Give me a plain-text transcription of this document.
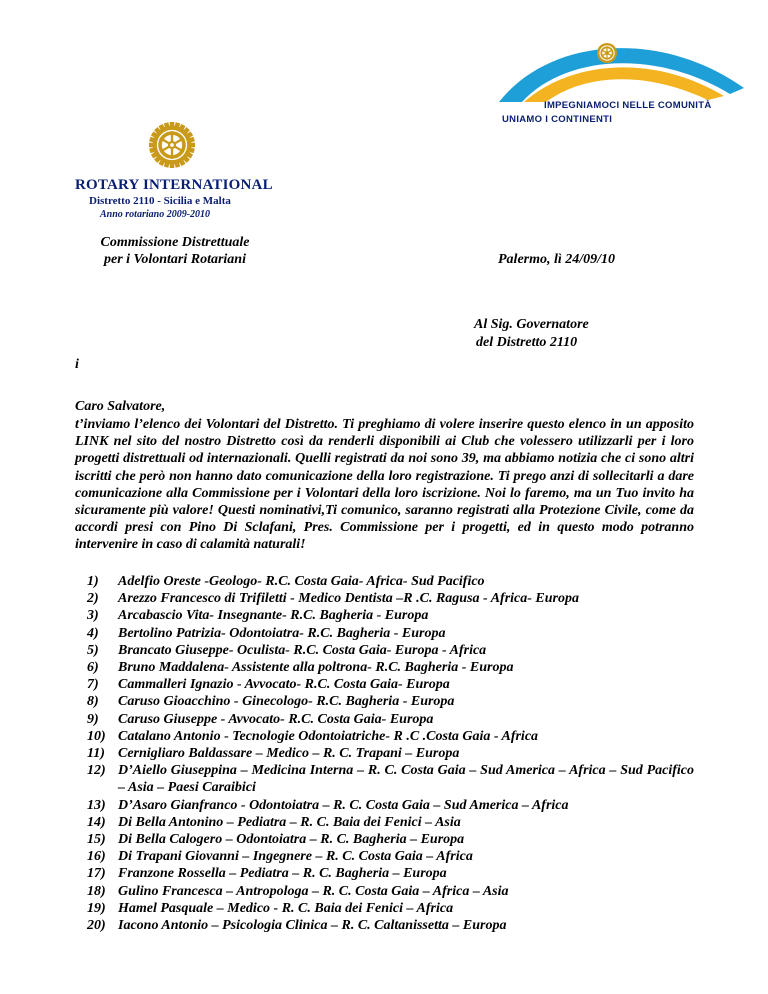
IMPEGNIAMOCI NELLE COMUNITÀ
UNIAMO I CONTINENTI
ROTARY INTERNATIONAL
Distretto 2110 - Sicilia e Malta
Anno rotariano 2009-2010
Commissione Distrettuale
per i Volontari Rotariani	Palermo, lì 24/09/10
Al Sig. Governatore
del Distretto 2110
i
Caro Salvatore,
t’inviamo l’elenco dei Volontari del Distretto. Ti preghiamo di volere inserire questo elenco in un apposito LINK nel sito del nostro Distretto così da renderli disponibili ai Club che volessero utilizzarli per i loro progetti distrettuali od internazionali. Quelli registrati da noi sono 39, ma abbiamo notizia che ci sono altri iscritti che però non hanno dato comunicazione della loro registrazione. Ti prego anzi di sollecitarli a dare comunicazione alla Commissione per i Volontari della loro iscrizione. Noi lo faremo, ma un Tuo invito ha sicuramente più valore! Questi nominativi,Ti comunico, saranno registrati alla Protezione Civile, come da accordi presi con Pino Di Sclafani, Pres. Commissione per i progetti, ed in questo modo potranno intervenire in caso di calamità naturali!
1) Adelfio Oreste -Geologo- R.C. Costa Gaia- Africa- Sud Pacifico
2) Arezzo Francesco di Trifiletti - Medico Dentista –R .C. Ragusa - Africa- Europa
3) Arcabascio Vita- Insegnante- R.C. Bagheria - Europa
4) Bertolino Patrizia- Odontoiatra- R.C. Bagheria - Europa
5) Brancato Giuseppe- Oculista- R.C. Costa Gaia- Europa - Africa
6) Bruno Maddalena- Assistente alla poltrona- R.C. Bagheria - Europa
7) Cammalleri Ignazio - Avvocato- R.C. Costa Gaia- Europa
8) Caruso Gioacchino - Ginecologo- R.C. Bagheria - Europa
9) Caruso Giuseppe - Avvocato- R.C. Costa Gaia- Europa
10) Catalano Antonio - Tecnologie Odontoiatriche- R .C .Costa Gaia - Africa
11) Cernigliaro Baldassare – Medico – R. C. Trapani – Europa
12) D’Aiello Giuseppina – Medicina Interna – R. C. Costa Gaia – Sud America – Africa – Sud Pacifico – Asia – Paesi Caraibici
13) D’Asaro Gianfranco - Odontoiatra – R. C. Costa Gaia – Sud America – Africa
14) Di Bella Antonino – Pediatra – R. C. Baia dei Fenici – Asia
15) Di Bella Calogero – Odontoiatra – R. C. Bagheria – Europa
16) Di Trapani Giovanni – Ingegnere – R. C. Costa Gaia – Africa
17) Franzone Rossella – Pediatra – R. C. Bagheria – Europa
18) Gulino Francesca – Antropologa – R. C. Costa Gaia – Africa – Asia
19) Hamel Pasquale – Medico - R. C. Baia dei Fenici – Africa
20) Iacono Antonio – Psicologia Clinica – R. C. Caltanissetta – Europa
